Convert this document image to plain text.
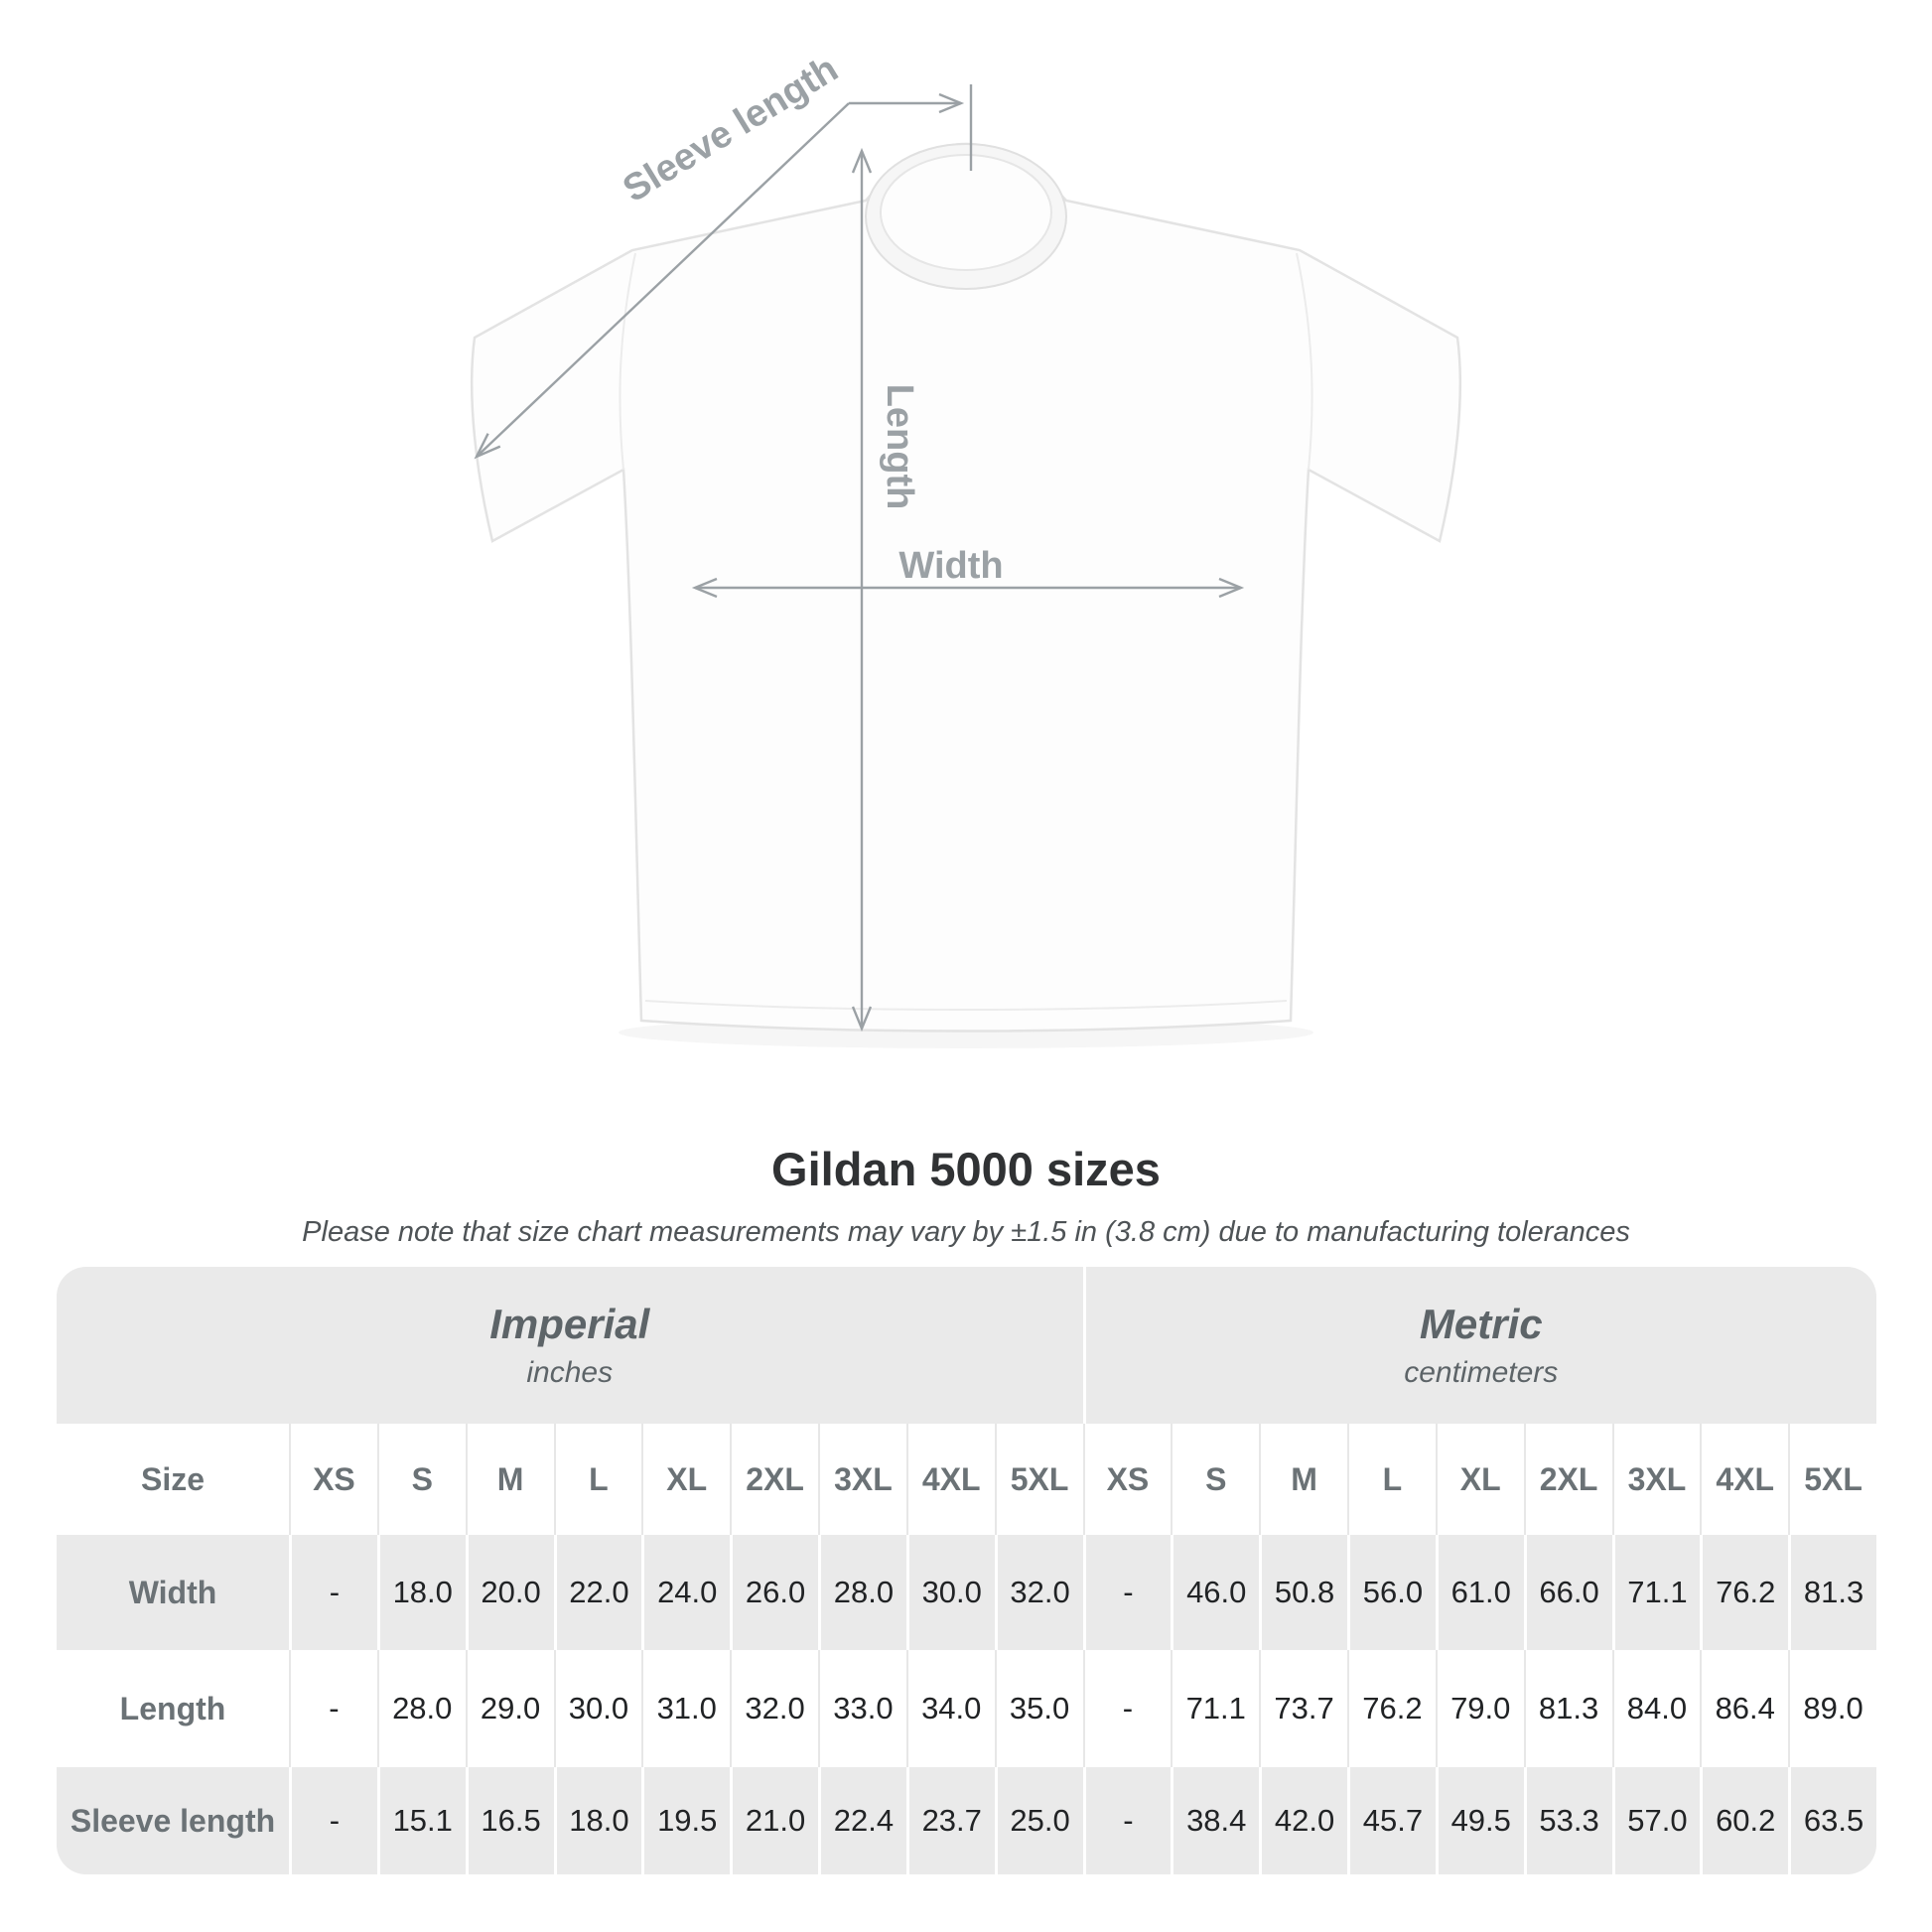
Sleeve length
Length
Width
Gildan 5000 sizes

Please note that size chart measurements may vary by ±1.5 in (3.8 cm) due to manufacturing tolerances

Imperial
inches
Metric
centimeters
Size	XS	S	M	L	XL	2XL 3XL 4XL 5XL	XS	S	M	L	XL	2XL 3XL 4XL 5XL
Width	-	18.0 20.0 22.0 24.0 26.0 28.0 30.0 32.0	-	46.0 50.8 56.0 61.0 66.0 71.1 76.2 81.3
Length	-	28.0 29.0 30.0 31.0 32.0 33.0 34.0 35.0	-	71.1 73.7 76.2 79.0 81.3 84.0 86.4 89.0
Sleeve length	-	15.1 16.5 18.0 19.5 21.0 22.4 23.7 25.0	-	38.4 42.0 45.7 49.5 53.3 57.0 60.2 63.5
